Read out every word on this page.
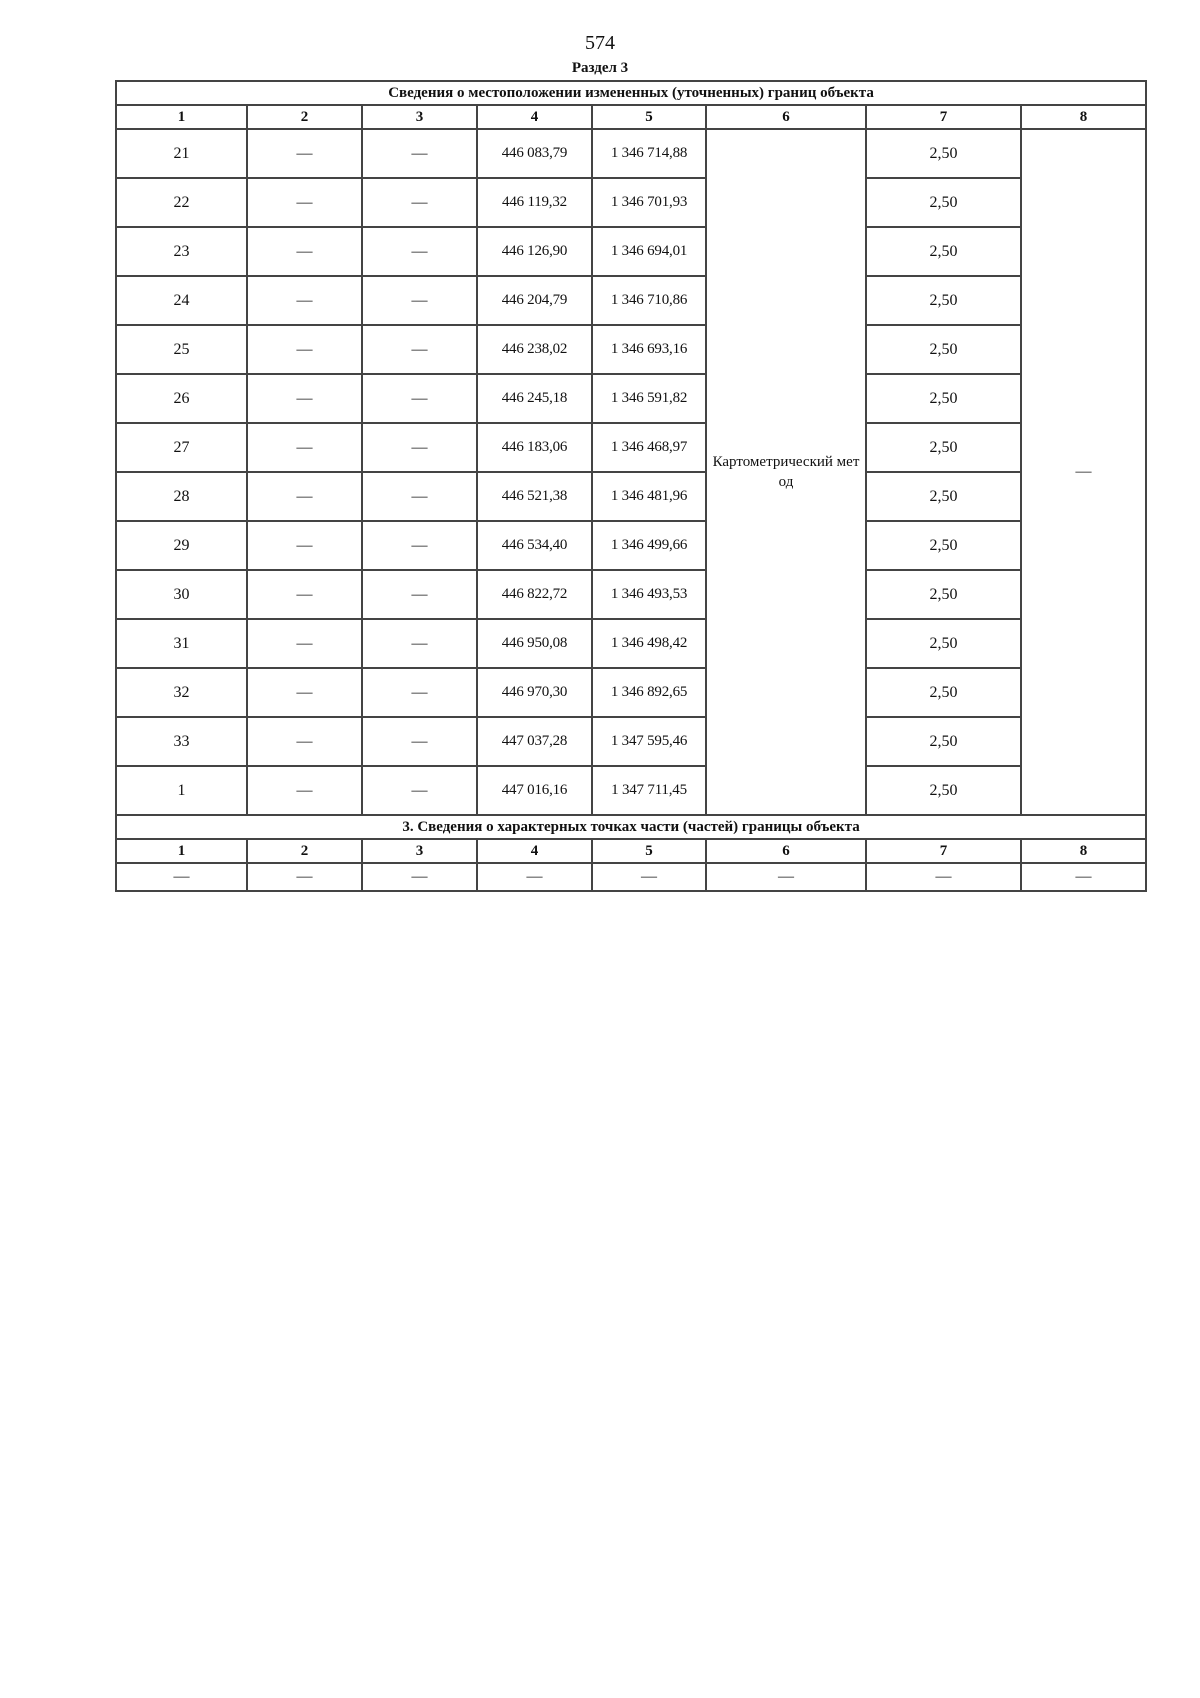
574
Раздел 3
Сведения о местоположении измененных (уточненных) границ объекта							
1	2	3	4	5	6	7	8
21	—	—	446 083,79	1 346 714,88	Картометрический метод	2,50	—
22	—	—	446 119,32	1 346 701,93		2,50	
23	—	—	446 126,90	1 346 694,01		2,50	
24	—	—	446 204,79	1 346 710,86		2,50	
25	—	—	446 238,02	1 346 693,16		2,50	
26	—	—	446 245,18	1 346 591,82		2,50	
27	—	—	446 183,06	1 346 468,97		2,50	
28	—	—	446 521,38	1 346 481,96		2,50	
29	—	—	446 534,40	1 346 499,66		2,50	
30	—	—	446 822,72	1 346 493,53		2,50	
31	—	—	446 950,08	1 346 498,42		2,50	
32	—	—	446 970,30	1 346 892,65		2,50	
33	—	—	447 037,28	1 347 595,46		2,50	
1	—	—	447 016,16	1 347 711,45		2,50	
3. Сведения о характерных точках части (частей) границы объекта							
1	2	3	4	5	6	7	8
—	—	—	—	—	—	—	—
